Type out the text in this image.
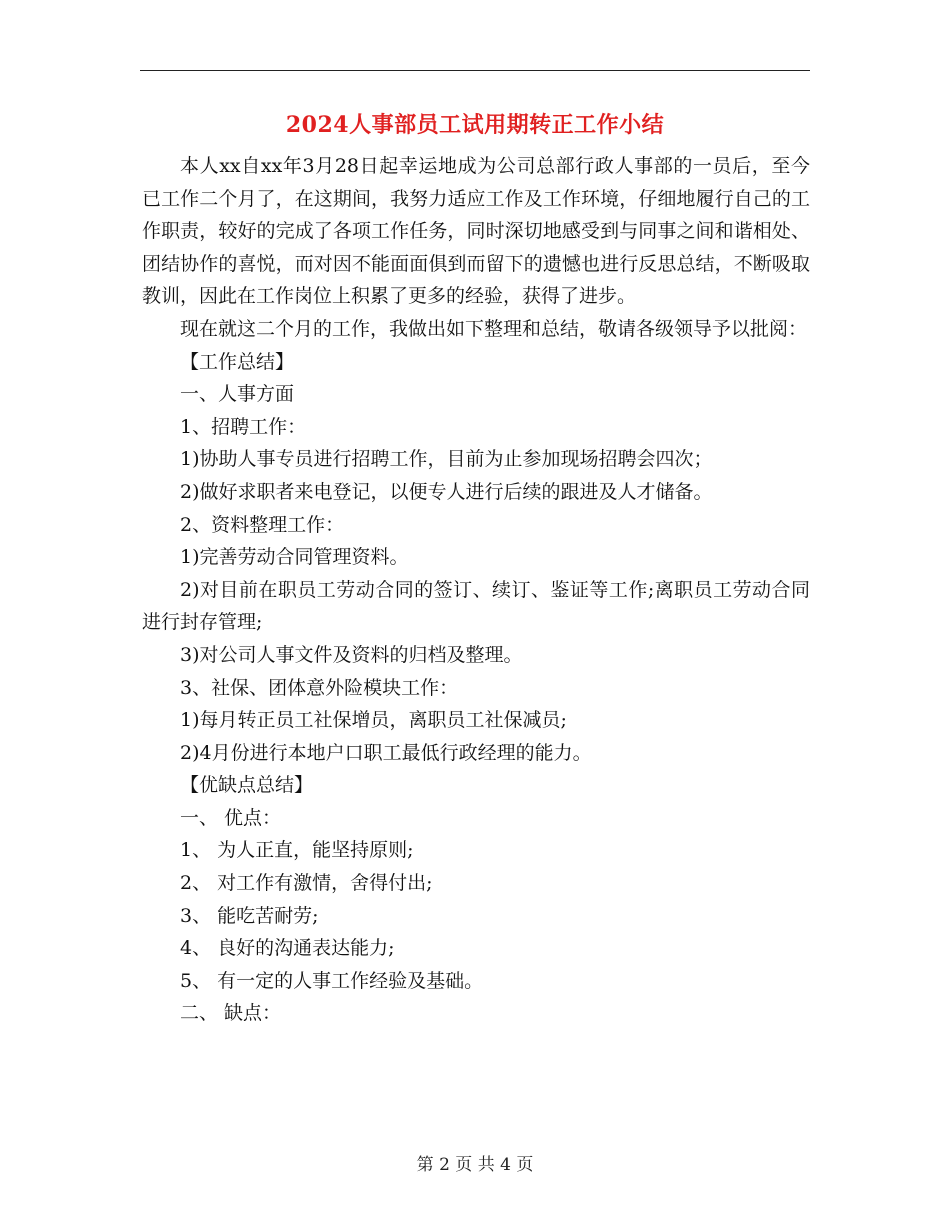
2024人事部员工试用期转正工作小结

本人xx自xx年3月28日起幸运地成为公司总部行政人事部的一员后，至今已工作二个月了，在这期间，我努力适应工作及工作环境，仔细地履行自己的工作职责，较好的完成了各项工作任务，同时深切地感受到与同事之间和谐相处、团结协作的喜悦，而对因不能面面俱到而留下的遗憾也进行反思总结，不断吸取教训，因此在工作岗位上积累了更多的经验，获得了进步。

现在就这二个月的工作，我做出如下整理和总结，敬请各级领导予以批阅：

【工作总结】

一、人事方面

1、招聘工作：

1)协助人事专员进行招聘工作，目前为止参加现场招聘会四次；

2)做好求职者来电登记，以便专人进行后续的跟进及人才储备。

2、资料整理工作：

1)完善劳动合同管理资料。

2)对目前在职员工劳动合同的签订、续订、鉴证等工作;离职员工劳动合同进行封存管理;

3)对公司人事文件及资料的归档及整理。

3、社保、团体意外险模块工作：

1)每月转正员工社保增员，离职员工社保减员;

2)4月份进行本地户口职工最低行政经理的能力。

【优缺点总结】

一、 优点：

1、 为人正直，能坚持原则;

2、 对工作有激情，舍得付出;

3、 能吃苦耐劳;

4、 良好的沟通表达能力;

5、 有一定的人事工作经验及基础。

二、 缺点：

第 2 页 共 4 页
